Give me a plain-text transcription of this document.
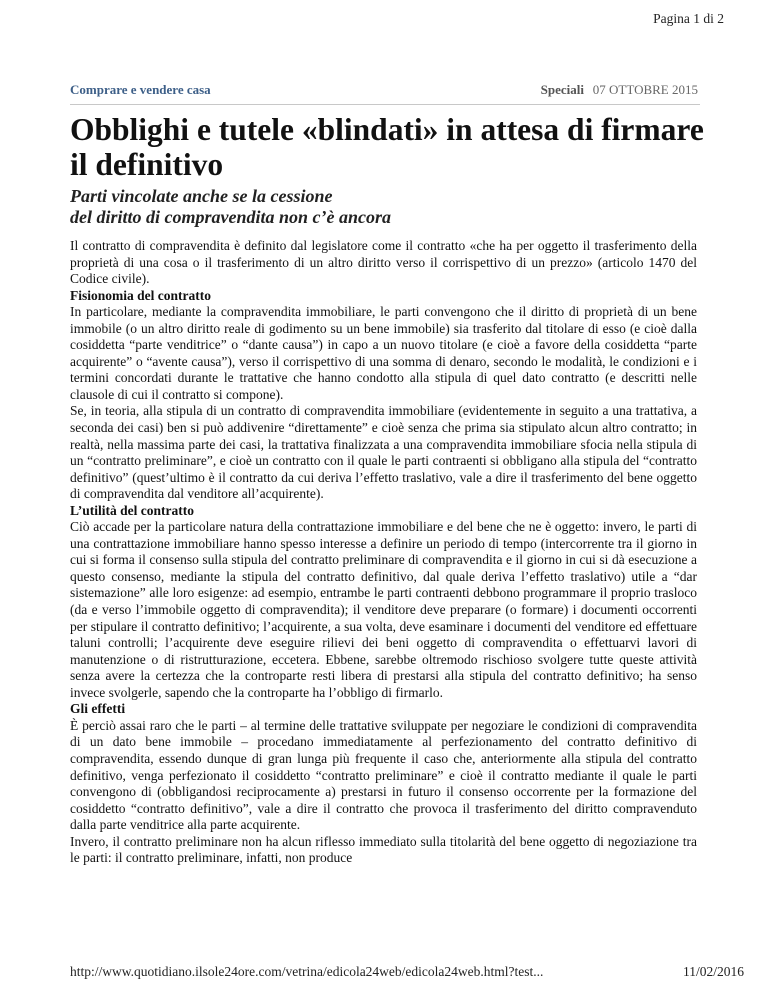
Pagina 1 di 2
Comprare e vendere casa	Speciali 07 OTTOBRE 2015
Obblighi e tutele «blindati» in attesa di firmare il definitivo
Parti vincolate anche se la cessione
del diritto di compravendita non c’è ancora

Il contratto di compravendita è definito dal legislatore come il contratto «che ha per oggetto il trasferimento della proprietà di una cosa o il trasferimento di un altro diritto verso il corrispettivo di un prezzo» (articolo 1470 del Codice civile).

Fisionomia del contratto

In particolare, mediante la compravendita immobiliare, le parti convengono che il diritto di proprietà di un bene immobile (o un altro diritto reale di godimento su un bene immobile) sia trasferito dal titolare di esso (e cioè dalla cosiddetta “parte venditrice” o “dante causa”) in capo a un nuovo titolare (e cioè a favore della cosiddetta “parte acquirente” o “avente causa”), verso il corrispettivo di una somma di denaro, secondo le modalità, le condizioni e i termini concordati durante le trattative che hanno condotto alla stipula di quel dato contratto (e descritti nelle clausole di cui il contratto si compone).

Se, in teoria, alla stipula di un contratto di compravendita immobiliare (evidentemente in seguito a una trattativa, a seconda dei casi) ben si può addivenire “direttamente” e cioè senza che prima sia stipulato alcun altro contratto; in realtà, nella massima parte dei casi, la trattativa finalizzata a una compravendita immobiliare sfocia nella stipula di un “contratto preliminare”, e cioè un contratto con il quale le parti contraenti si obbligano alla stipula del “contratto definitivo” (quest’ultimo è il contratto da cui deriva l’effetto traslativo, vale a dire il trasferimento del bene oggetto di compravendita dal venditore all’acquirente).

L’utilità del contratto

Ciò accade per la particolare natura della contrattazione immobiliare e del bene che ne è oggetto: invero, le parti di una contrattazione immobiliare hanno spesso interesse a definire un periodo di tempo (intercorrente tra il giorno in cui si forma il consenso sulla stipula del contratto preliminare di compravendita e il giorno in cui si dà esecuzione a questo consenso, mediante la stipula del contratto definitivo, dal quale deriva l’effetto traslativo) utile a “dar sistemazione” alle loro esigenze: ad esempio, entrambe le parti contraenti debbono programmare il proprio trasloco (da e verso l’immobile oggetto di compravendita); il venditore deve preparare (o formare) i documenti occorrenti per stipulare il contratto definitivo; l’acquirente, a sua volta, deve esaminare i documenti del venditore ed effettuare taluni controlli; l’acquirente deve eseguire rilievi dei beni oggetto di compravendita o effettuarvi lavori di manutenzione o di ristrutturazione, eccetera. Ebbene, sarebbe oltremodo rischioso svolgere tutte queste attività senza avere la certezza che la controparte resti libera di prestarsi alla stipula del contratto definitivo; ha senso invece svolgerle, sapendo che la controparte ha l’obbligo di firmarlo.

Gli effetti

È perciò assai raro che le parti – al termine delle trattative sviluppate per negoziare le condizioni di compravendita di un dato bene immobile – procedano immediatamente al perfezionamento del contratto definitivo di compravendita, essendo dunque di gran lunga più frequente il caso che, anteriormente alla stipula del contratto definitivo, venga perfezionato il cosiddetto “contratto preliminare” e cioè il contratto mediante il quale le parti convengono di (obbligandosi reciprocamente a) prestarsi in futuro il consenso occorrente per la formazione del cosiddetto “contratto definitivo”, vale a dire il contratto che provoca il trasferimento del diritto compravenduto dalla parte venditrice alla parte acquirente.

Invero, il contratto preliminare non ha alcun riflesso immediato sulla titolarità del bene oggetto di negoziazione tra le parti: il contratto preliminare, infatti, non produce

http://www.quotidiano.ilsole24ore.com/vetrina/edicola24web/edicola24web.html?test...	11/02/2016
